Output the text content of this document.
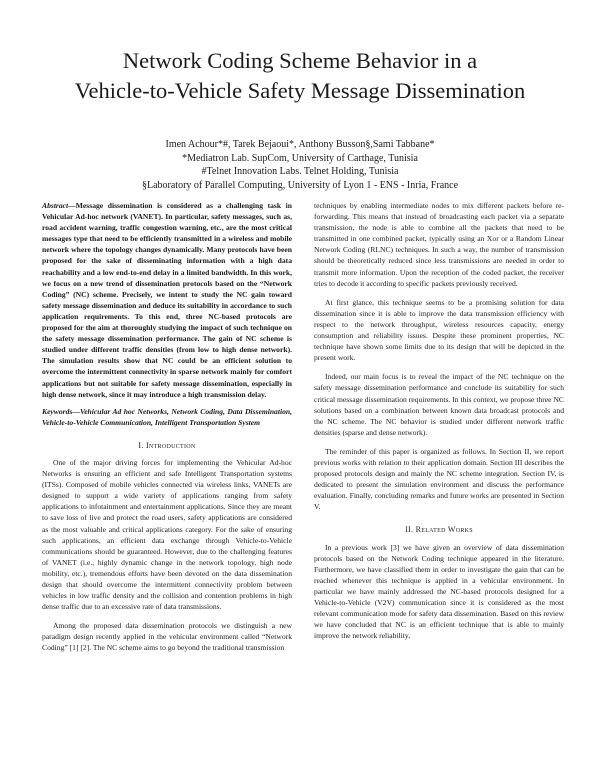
Network Coding Scheme Behavior in a
Vehicle-to-Vehicle Safety Message Dissemination
Imen Achour*#, Tarek Bejaoui*, Anthony Busson§,Sami Tabbane*
*Mediatron Lab. SupCom, University of Carthage, Tunisia
#Telnet Innovation Labs. Telnet Holding, Tunisia
§Laboratory of Parallel Computing, University of Lyon 1 - ENS - Inria, France
Abstract—Message dissemination is considered as a challenging task in Vehicular Ad-hoc network (VANET). In particular, safety messages, such as, road accident warning, traffic congestion warning, etc., are the most critical messages type that need to be efficiently transmitted in a wireless and mobile network where the topology changes dynamically. Many protocols have been proposed for the sake of disseminating information with a high data reachability and a low end-to-end delay in a limited bandwidth. In this work, we focus on a new trend of dissemination protocols based on the “Network Coding” (NC) scheme. Precisely, we intent to study the NC gain toward safety message dissemination and deduce its suitability in accordance to such application requirements. To this end, three NC-based protocols are proposed for the aim at thoroughly studying the impact of such technique on the safety message dissemination performance. The gain of NC scheme is studied under different traffic densities (from low to high dense network). The simulation results show that NC could be an efficient solution to overcome the intermittent connectivity in sparse network mainly for comfort applications but not suitable for safety message dissemination, especially in high dense network, since it may introduce a high transmission delay.
Keywords—Vehicular Ad hoc Networks, Network Coding, Data Dissemination, Vehicle-to-Vehicle Communication, Intelligent Transportation System
I. Introduction

One of the major driving forces for implementing the Vehicular Ad-hoc Networks is ensuring an efficient and safe Intelligent Transportation systems (ITSs). Composed of mobile vehicles connected via wireless links, VANETs are designed to support a wide variety of applications ranging from safety applications to infotainment and entertainment applications. Since they are meant to save loss of live and protect the road users, safety applications are considered as the most valuable and critical applications category. For the sake of ensuring such applications, an efficient data exchange through Vehicle-to-Vehicle communications should be guaranteed. However, due to the challenging features of VANET (i.e., highly dynamic change in the network topology, high node mobility, etc.), tremendous efforts have been devoted on the data dissemination design that should overcome the intermittent connectivity problem between vehicles in low traffic density and the collision and contention problems in high dense traffic due to an excessive rate of data transmissions.

Among the proposed data dissemination protocols we distinguish a new paradigm design recently applied in the vehicular environment called “Network Coding” [1] [2]. The NC scheme aims to go beyond the traditional transmission

techniques by enabling intermediate nodes to mix different packets before re-forwarding. This means that instead of broadcasting each packet via a separate transmission, the node is able to combine all the packets that need to be transmitted in one combined packet, typically using an Xor or a Random Linear Network Coding (RLNC) techniques. In such a way, the number of transmission should be theoretically reduced since less transmissions are needed in order to transmit more information. Upon the reception of the coded packet, the receiver tries to decode it according to specific packets previously received.

At first glance, this technique seems to be a promising solution for data dissemination since it is able to improve the data transmission efficiency with respect to the network throughput, wireless resources capacity, energy consumption and reliability issues. Despite these prominent properties, NC technique have shown some limits due to its design that will be depicted in the present work.

Indeed, our main focus is to reveal the impact of the NC technique on the safety message dissemination performance and conclude its suitability for such critical message dissemination requirements. In this context, we propose three NC solutions based on a combination between known data broadcast protocols and the NC scheme. The NC behavior is studied under different network traffic densities (sparse and dense network).

The reminder of this paper is organized as follows. In Section II, we report previous works with relation to their application domain. Section III describes the proposed protocols design and mainly the NC scheme integration. Section IV, is dedicated to present the simulation environment and discuss the performance evaluation. Finally, concluding remarks and future works are presented in Section V.

II. Related Works

In a previous work [3] we have given an overview of data dissemination protocols based on the Network Coding technique appeared in the literature. Furthermore, we have classified them in order to investigate the gain that can be reached whenever this technique is applied in a vehicular environment. In particular we have mainly addressed the NC-based protocols designed for a Vehicle-to-Vehicle (V2V) communication since it is considered as the most relevant communication mode for safety data dissemination. Based on this review we have concluded that NC is an efficient technique that is able to mainly improve the network reliability,
